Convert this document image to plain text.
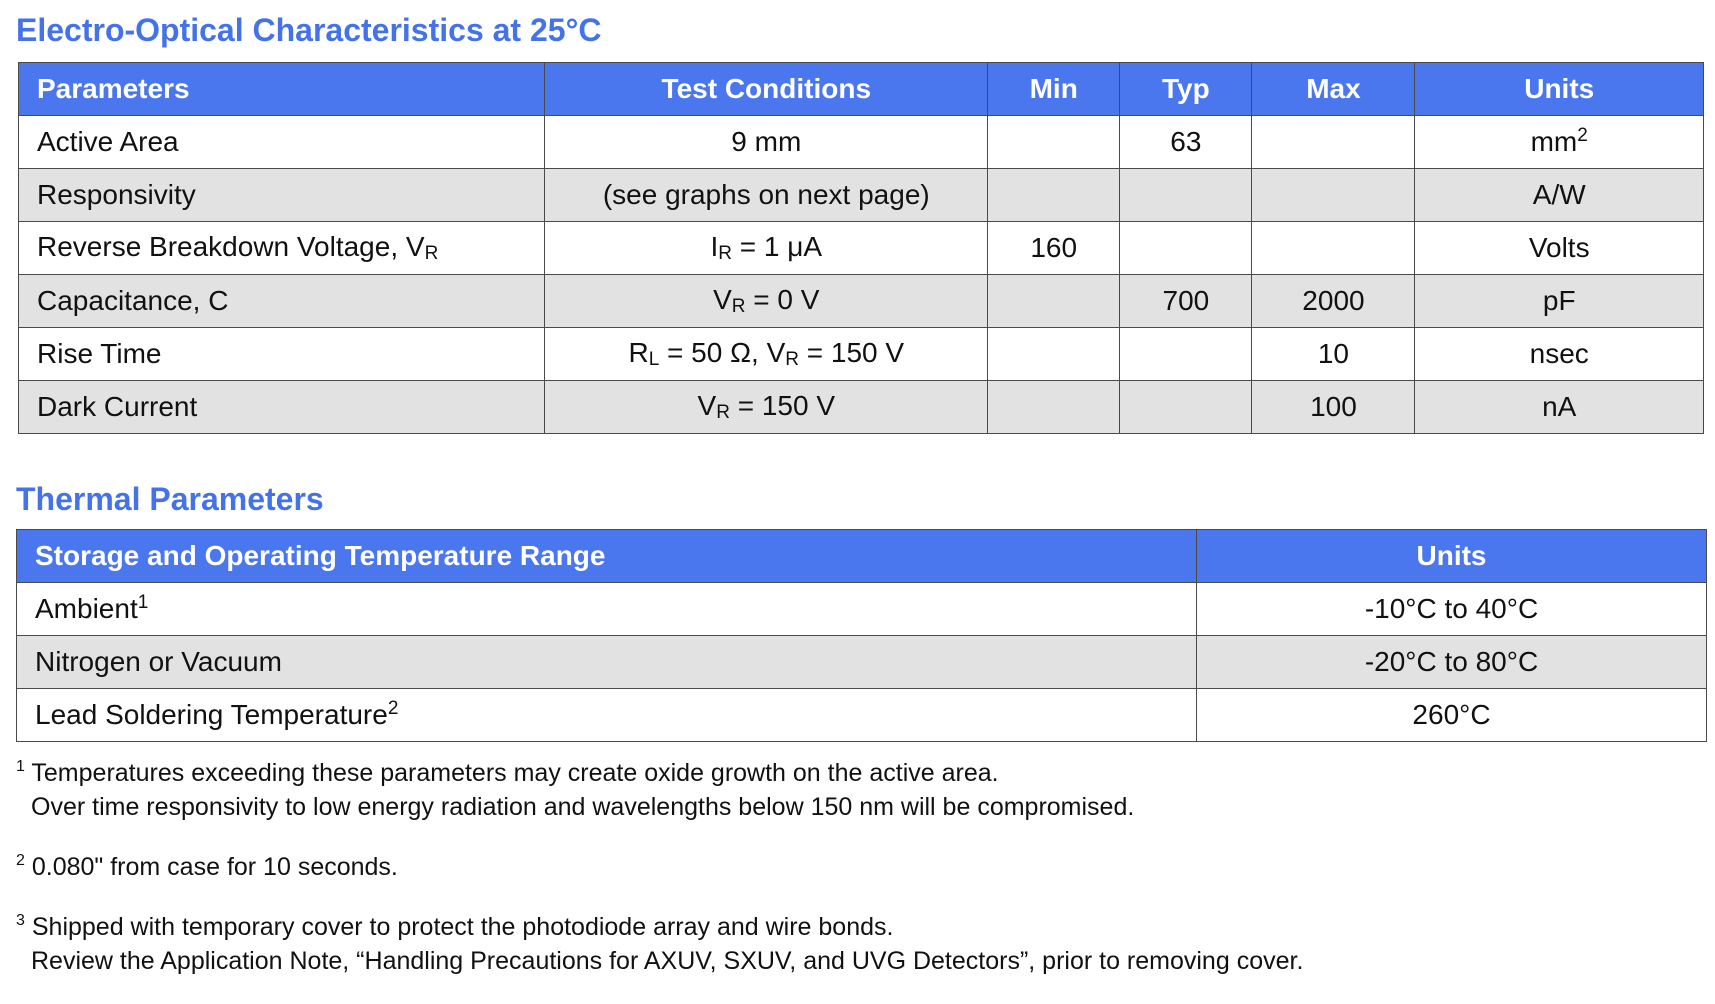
Electro-Optical Characteristics at 25°C
Parameters	Test Conditions	Min	Typ	Max	Units
Active Area	9 mm		63		$mm^2$
Responsivity	(see graphs on next page)				A/W
Reverse Breakdown Voltage, $V_R$	$I_R = 1$ μA	160			Volts
Capacitance, C	$V_R = 0$ V		700	2000	pF
Rise Time	$R_L = 50$ Ω, $V_R = 150$ V			10	nsec
Dark Current	$V_R = 150$ V			100	nA
Thermal Parameters
Storage and Operating Temperature Range	Units
Ambient$^1$	-10°C to 40°C
Nitrogen or Vacuum	-20°C to 80°C
Lead Soldering Temperature$^2$	260°C

$^1$ Temperatures exceeding these parameters may create oxide growth on the active area.
Over time responsivity to low energy radiation and wavelengths below 150 nm will be compromised.

$^2$ 0.080" from case for 10 seconds.

$^3$ Shipped with temporary cover to protect the photodiode array and wire bonds.
Review the Application Note, “Handling Precautions for AXUV, SXUV, and UVG Detectors”, prior to removing cover.
